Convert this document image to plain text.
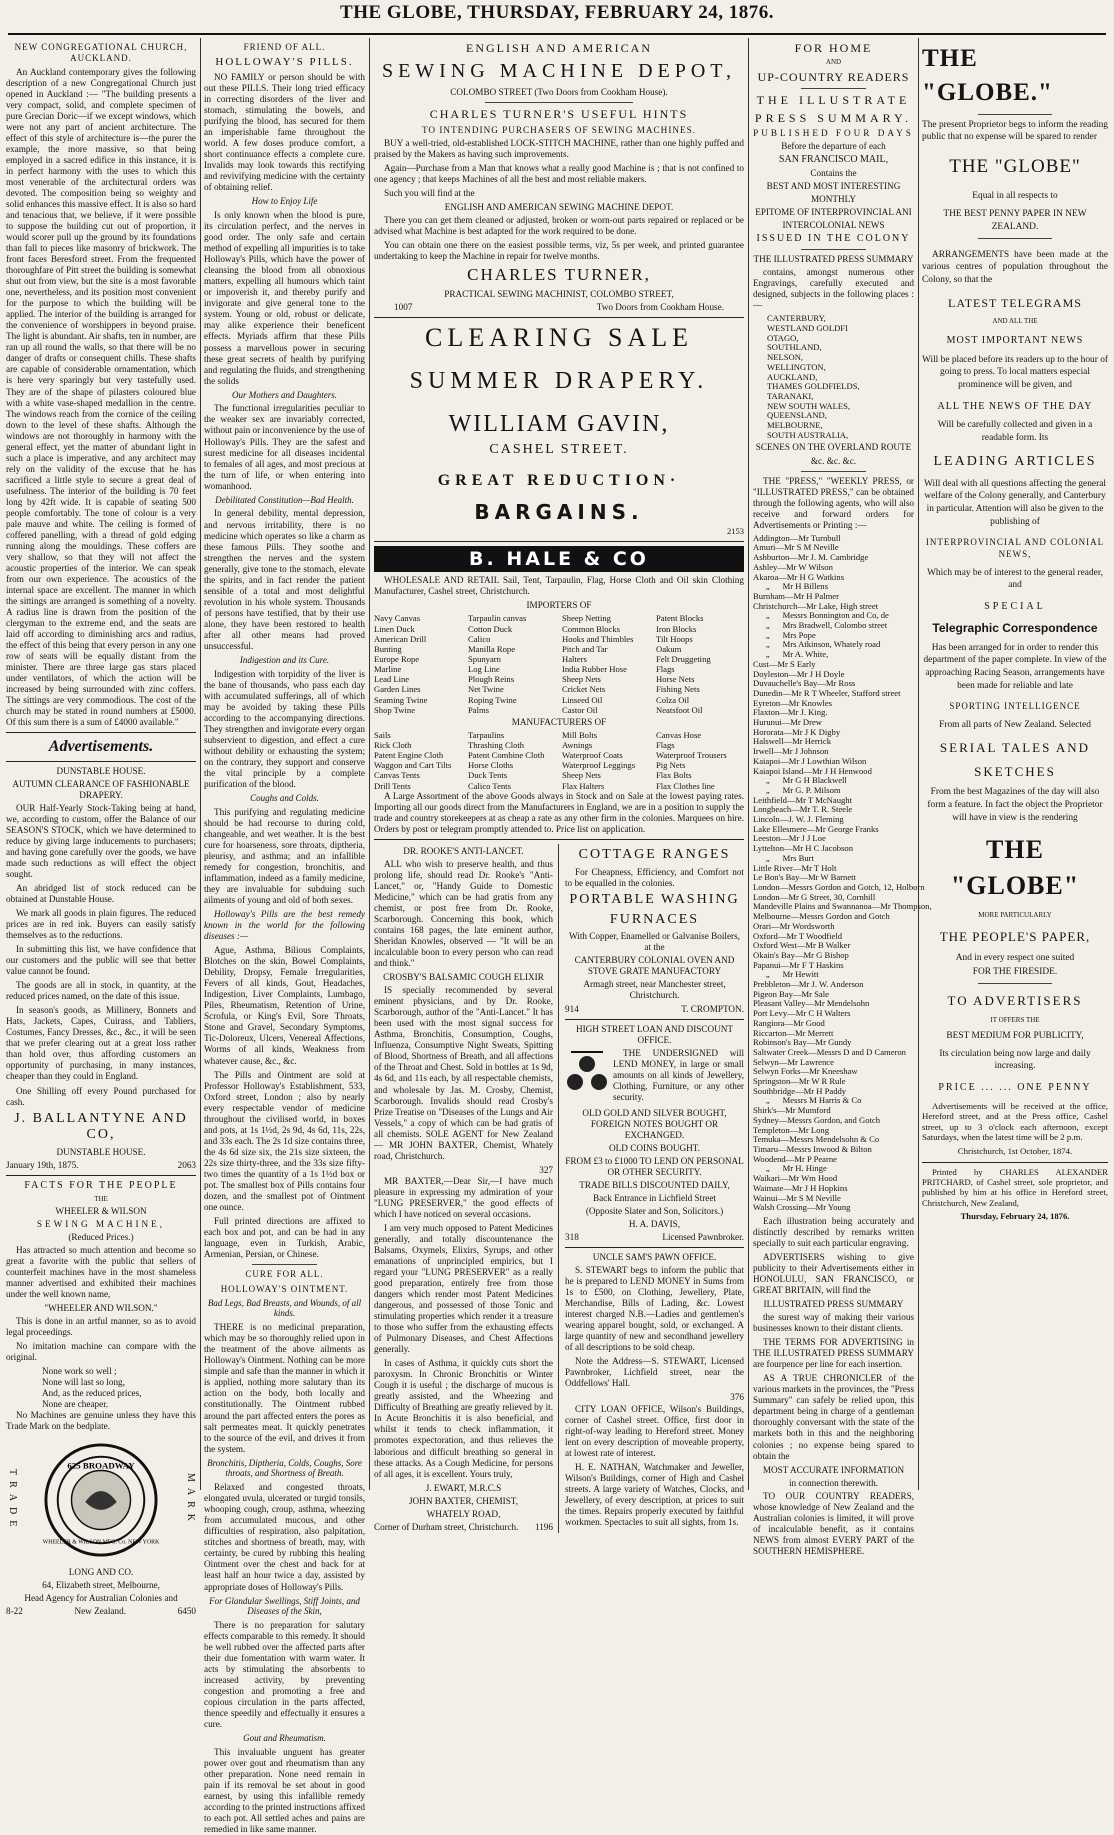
THE GLOBE, THURSDAY, FEBRUARY 24, 1876.
NEW CONGREGATIONAL CHURCH, AUCKLAND.

An Auckland contemporary gives the following description of a new Congregational Church just opened in Auckland :— "The building presents a very compact, solid, and complete specimen of pure Grecian Doric—if we except windows, which were not any part of ancient architecture. The effect of this style of architecture is—the purer the example, the more massive, so that being employed in a sacred edifice in this instance, it is in perfect harmony with the uses to which this most venerable of the architectural orders was devoted. The composition being so weighty and solid enhances this massive effect. It is also so hard and tenacious that, we believe, if it were possible to suppose the building cut out of proportion, it would scorer pull up the ground by its foundations than fall to pieces like masonry of brickwork. The front faces Beresford street. From the frequented thoroughfare of Pitt street the building is somewhat shut out from view, but the site is a most favorable one, nevertheless, and its position most convenient for the purpose to which the building will be applied. The interior of the building is arranged for the convenience of worshippers in beyond praise. The light is abundant. Air shafts, ten in number, are ran up all round the walls, so that there will be no danger of drafts or consequent chills. These shafts are capable of considerable ornamentation, which is here very sparingly but very tastefully used. They are of the shape of pilasters coloured blue with a white vase-shaped medallion in the centre. The windows reach from the cornice of the ceiling down to the level of these shafts. Although the windows are not thoroughly in harmony with the general effect, yet the matter of abundant light in such a place is imperative, and any architect may rely on the validity of the excuse that he has sacrificed a little style to secure a great deal of usefulness. The interior of the building is 70 feet long by 42ft wide. It is capable of seating 500 people comfortably. The tone of colour is a very pale mauve and white. The ceiling is formed of coffered panelling, with a thread of gold edging running along the mouldings. These coffers are very shallow, so that they will not affect the acoustic properties of the interior. We can speak from our own experience. The acoustics of the internal space are excellent. The manner in which the sittings are arranged is something of a novelty. A radius line is drawn from the position of the clergyman to the extreme end, and the seats are laid off according to diminishing arcs and radius, the effect of this being that every person in any one row of seats will be equally distant from the minister. There are three large gas stars placed under ventilators, of which the action will be increased by being surrounded with zinc coffers. The sittings are very commodious. The cost of the church may be stated in round numbers at £5000. Of this sum there is a sum of £4000 available."

Advertisements.
DUNSTABLE HOUSE.
AUTUMN CLEARANCE OF FASHIONABLE DRAPERY.

OUR Half-Yearly Stock-Taking being at hand, we, according to custom, offer the Balance of our SEASON'S STOCK, which we have determined to reduce by giving large inducements to purchasers; and having gone carefully over the goods, we have made such reductions as will effect the object sought.

An abridged list of stock reduced can be obtained at Dunstable House.

We mark all goods in plain figures. The reduced prices are in red ink. Buyers can easily satisfy themselves as to the reductions.

In submitting this list, we have confidence that our customers and the public will see that better value cannot be found.

The goods are all in stock, in quantity, at the reduced prices named, on the date of this issue.

In season's goods, as Millinery, Bonnets and Hats, Jackets, Capes, Cuirass, and Tabliers, Costumes, Fancy Dresses, &c., &c., it will be seen that we prefer clearing out at a great loss rather than hold over, thus affording customers an opportunity of purchasing, in many instances, cheaper than they could in England.

One Shilling off every Pound purchased for cash.

J. BALLANTYNE AND CO,
DUNSTABLE HOUSE.
January 19th, 1875.	2063
FACTS FOR THE PEOPLE
THE
WHEELER & WILSON
SEWING MACHINE,
(Reduced Prices.)

Has attracted so much attention and become so great a favorite with the public that sellers of counterfeit machines have in the most shameless manner advertised and exhibited their machines under the well known name,

"WHEELER AND WILSON."

This is done in an artful manner, so as to avoid legal proceedings.

No imitation machine can compare with the original.

None work so well ;
None will last so long,
And, as the reduced prices,
None are cheaper.

No Machines are genuine unless they have this Trade Mark on the bedplate.

TRADE
625 BROADWAY
WHEELER & WILSON MFG. Co. NEW YORK
MARK
LONG AND CO.
64, Elizabeth street, Melbourne,
Head Agency for Australian Colonies and
8-22	New Zealand.	6450
FRIEND OF ALL.
HOLLOWAY'S PILLS.

NO FAMILY or person should be with out these PILLS. Their long tried efficacy in correcting disorders of the liver and stomach, stimulating the bowels, and purifying the blood, has secured for them an imperishable fame throughout the world. A few doses produce comfort, a short continuance effects a complete cure. Invalids may look towards this rectifying and revivifying medicine with the certainty of obtaining relief.

How to Enjoy Life

Is only known when the blood is pure, its circulation perfect, and the nerves in good order. The only safe and certain method of expelling all impurities is to take Holloway's Pills, which have the power of cleansing the blood from all obnoxious matters, expelling all humours which taint or impoverish it, and thereby purify and invigorate and give general tone to the system. Young or old, robust or delicate, may alike experience their beneficent effects. Myriads affirm that these Pills possess a marvellous power in securing these great secrets of health by purifying and regulating the fluids, and strengthening the solids

Our Mothers and Daughters.

The functional irregularities peculiar to the weaker sex are invariably corrected, without pain or inconvenience by the use of Holloway's Pills. They are the safest and surest medicine for all diseases incidental to females of all ages, and most precious at the turn of life, or when entering into womanhood.

Debilitated Constitution—Bad Health.

In general debility, mental depression, and nervous irritability, there is no medicine which operates so like a charm as these famous Pills. They soothe and strengthen the nerves and the system generally, give tone to the stomach, elevate the spirits, and in fact render the patient sensible of a total and most delightful revolution in his whole system. Thousands of persons have testified, that by their use alone, they have been restored to health after all other means had proved unsuccessful.

Indigestion and its Cure.

Indigestion with torpidity of the liver is the bane of thousands, who pass each day with accumulated sufferings, all of which may be avoided by taking these Pills according to the accompanying directions. They strengthen and invigorate every organ subservient to digestion, and effect a cure without debility or exhausting the system; on the contrary, they support and conserve the vital principle by a complete purification of the blood.

Coughs and Colds.

This purifying and regulating medicine should be had recourse to during cold, changeable, and wet weather. It is the best cure for hoarseness, sore throats, diptheria, pleurisy, and asthma; and an infallible remedy for congestion, bronchitis, and inflammation, indeed as a family medicine, they are invaluable for subduing such ailments of young and old of both sexes.

Holloway's Pills are the best remedy known in the world for the following diseases :—

Ague, Asthma, Bilious Complaints, Blotches on the skin, Bowel Complaints, Debility, Dropsy, Female Irregularities, Fevers of all kinds, Gout, Headaches, Indigestion, Liver Complaints, Lumbago, Piles, Rheumatism, Retention of Urine, Scrofula, or King's Evil, Sore Throats, Stone and Gravel, Secondary Symptoms, Tic-Doloreux, Ulcers, Venereal Affections, Worms of all kinds, Weakness from whatever cause, &c., &c.

The Pills and Ointment are sold at Professor Holloway's Establishment, 533, Oxford street, London ; also by nearly every respectable vendor of medicine throughout the civilised world, in boxes and pots, at 1s 1½d, 2s 9d, 4s 6d, 11s, 22s, and 33s each. The 2s 1d size contains three, the 4s 6d size six, the 21s size sixteen, the 22s size thirty-three, and the 33s size fifty-two times the quantity of a 1s 1½d box or pot. The smallest box of Pills contains four dozen, and the smallest pot of Ointment one ounce.

Full printed directions are affixed to each box and pot, and can be had in any language, even in Turkish, Arabic, Armenian, Persian, or Chinese.

CURE FOR ALL.
HOLLOWAY'S OINTMENT.
Bad Legs, Bad Breasts, and Wounds, of all kinds.

THERE is no medicinal preparation, which may be so thoroughly relied upon in the treatment of the above ailments as Holloway's Ointment. Nothing can be more simple and safe than the manner in which it is applied, nothing more salutary than its action on the body, both locally and constitutionally. The Ointment rubbed around the part affected enters the pores as salt permeates meat. It quickly penetrates to the source of the evil, and drives it from the system.

Bronchitis, Diptheria, Colds, Coughs, Sore throats, and Shortness of Breath.

Relaxed and congested throats, elongated uvula, ulcerated or turgid tonsils, whooping cough, croup, asthma, wheezing from accumulated mucous, and other difficulties of respiration, also palpitation, stitches and shortness of breath, may, with certainty, be cured by rubbing this healing Ointment over the chest and back for at least half an hour twice a day, assisted by appropriate doses of Holloway's Pills.

For Glandular Swellings, Stiff Joints, and Diseases of the Skin,

There is no preparation for salutary effects comparable to this remedy. It should be well rubbed over the affected parts after their due fomentation with warm water. It acts by stimulating the absorbents to increased activity, by preventing congestion and promoting a free and copious circulation in the parts affected, thence speedily and effectually it ensures a cure.

Gout and Rheumatism.

This invaluable unguent has greater power over gout and rheumatism than any other preparation. None need remain in pain if its removal be set about in good earnest, by using this infallible remedy according to the printed instructions affixed to each pot. All settled aches and pains are remedied in like same manner.

ENGLISH AND AMERICAN
SEWING MACHINE DEPOT,
COLOMBO STREET (Two Doors from Cookham House).
CHARLES TURNER'S USEFUL HINTS
TO INTENDING PURCHASERS OF SEWING MACHINES.

BUY a well-tried, old-established LOCK-STITCH MACHINE, rather than one highly puffed and praised by the Makers as having such improvements.

Again—Purchase from a Man that knows what a really good Machine is ; that is not confined to one agency ; that keeps Machines of all the best and most reliable makers.

Such you will find at the

ENGLISH AND AMERICAN SEWING MACHINE DEPOT.

There you can get them cleaned or adjusted, broken or worn-out parts repaired or replaced or be advised what Machine is best adapted for the work required to be done.

You can obtain one there on the easiest possible terms, viz, 5s per week, and printed guarantee undertaking to keep the Machine in repair for twelve months.

CHARLES TURNER,
PRACTICAL SEWING MACHINIST, COLOMBO STREET,
1007	Two Doors from Cookham House.
CLEARING SALE
SUMMER DRAPERY.
WILLIAM GAVIN,
CASHEL STREET.
GREAT REDUCTION·
BARGAINS.
2153
B. HALE & CO

WHOLESALE AND RETAIL Sail, Tent, Tarpaulin, Flag, Horse Cloth and Oil skin Clothing Manufacturer, Cashel street, Christchurch.

IMPORTERS OF
Navy Canvas
Linen Duck
American Drill
Bunting
Europe Rope
Marline
Lead Line
Garden Lines
Seaming Twine
Shop Twine
Tarpaulin canvas
Cotton Duck
Calico
Manilla Rope
Spunyarn
Log Line
Plough Reins
Net Twine
Roping Twine
Palms
Sheep Netting
Common Blocks
Hooks and Thimbles
Pitch and Tar
Halters
India Rubber Hose
Sheep Nets
Cricket Nets
Linseed Oil
Castor Oil
Patent Blocks
Iron Blocks
Tilt Hoops
Oakum
Felt Druggeting
Flags
Horse Nets
Fishing Nets
Colza Oil
Neatsfoot Oil
MANUFACTURERS OF
Sails
Rick Cloth
Patent Engine Cloth
Waggon and Cart Tilts
Canvas Tents
Drill Tents
Tarpaulins
Thrashing Cloth
Patent Combine Cloth
Horse Cloths
Duck Tents
Calico Tents
Mill Bolts
Awnings
Waterproof Coats
Waterproof Leggings
Sheep Nets
Flax Halters
Canvas Hose
Flags
Waterproof Trousers
Pig Nets
Flax Bolts
Flax Clothes line

A Large Assortment of the above Goods always in Stock and on Sale at the lowest paying rates. Importing all our goods direct from the Manufacturers in England, we are in a position to supply the trade and country storekeepers at as cheap a rate as any other firm in the colonies. Marquees on hire. Orders by post or telegram promptly attended to. Price list on application.

DR. ROOKE'S ANTI-LANCET.

ALL who wish to preserve health, and thus prolong life, should read Dr. Rooke's "Anti-Lancet," or, "Handy Guide to Domestic Medicine," which can be had gratis from any chemist, or post free from Dr. Rooke, Scarborough. Concerning this book, which contains 168 pages, the late eminent author, Sheridan Knowles, observed — "It will be an incalculable boon to every person who can read and think."

CROSBY'S BALSAMIC COUGH ELIXIR

IS specially recommended by several eminent physicians, and by Dr. Rooke, Scarborough, author of the "Anti-Lancet." It has been used with the most signal success for Asthma, Bronchitis, Consumption, Coughs, Influenza, Consumptive Night Sweats, Spitting of Blood, Shortness of Breath, and all affections of the Throat and Chest. Sold in bottles at 1s 9d, 4s 6d, and 11s each, by all respectable chemists, and wholesale by Jas. M. Crosby, Chemist, Scarborough. Invalids should read Crosby's Prize Treatise on "Diseases of the Lungs and Air Vessels," a copy of which can be had gratis of all chemists. SOLE AGENT for New Zealand — MR JOHN BAXTER, Chemist, Whately road, Christchurch.

327

MR BAXTER,—Dear Sir,—I have much pleasure in expressing my admiration of your "LUNG PRESERVER," the good effects of which I have noticed on several occasions.

I am very much opposed to Patent Medicines generally, and totally discountenance the Balsams, Oxymels, Elixirs, Syrups, and other emanations of unprincipled empirics, but I regard your "LUNG PRESERVER" as a really good preparation, entirely free from those dangers which render most Patent Medicines dangerous, and possessed of those Tonic and stimulating properties which render it a treasure to those who suffer from the exhausting effects of Pulmonary Diseases, and Chest Affections generally.

In cases of Asthma, it quickly cuts short the paroxysm. In Chronic Bronchitis or Winter Cough it is useful ; the discharge of mucous is greatly assisted, and the Wheezing and Difficulty of Breathing are greatly relieved by it. In Acute Bronchitis it is also beneficial, and whilst it tends to check inflammation, it promotes expectoration, and thus relieves the laborious and difficult breathing so general in these attacks. As a Cough Medicine, for persons of all ages, it is excellent. Yours truly,

J. EWART, M.R.C.S
JOHN BAXTER, CHEMIST,
WHATELY ROAD,
Corner of Durham street, Christchurch. 1196
COTTAGE RANGES

For Cheapness, Efficiency, and Comfort not to be equalled in the colonies.

PORTABLE WASHING
FURNACES
With Copper, Enamelled or Galvanise Boilers, at the
CANTERBURY COLONIAL OVEN AND STOVE GRATE MANUFACTORY
Armagh street, near Manchester street, Christchurch.
914	T. CROMPTON.
HIGH STREET LOAN AND DISCOUNT OFFICE.

THE UNDERSIGNED will LEND MONEY, in large or small amounts on all kinds of Jewellery, Clothing, Furniture, or any other security.

OLD GOLD AND SILVER BOUGHT, FOREIGN NOTES BOUGHT OR EXCHANGED.
OLD COINS BOUGHT.
FROM £3 to £1000 TO LEND ON PERSONAL OR OTHER SECURITY.
TRADE BILLS DISCOUNTED DAILY,
Back Entrance in Lichfield Street
(Opposite Slater and Son, Solicitors.)
H. A. DAVIS,
318	Licensed Pawnbroker.
UNCLE SAM'S PAWN OFFICE.

S. STEWART begs to inform the public that he is prepared to LEND MONEY in Sums from 1s to £500, on Clothing, Jewellery, Plate, Merchandise, Bills of Lading, &c. Lowest interest charged N.B.—Ladies and gentlemen's wearing apparel bought, sold, or exchanged. A large quantity of new and secondhand jewellery of all descriptions to be sold cheap.

Note the Address—S. STEWART, Licensed Pawnbroker, Lichfield street, near the Oddfellows' Hall.

376

CITY LOAN OFFICE, Wilson's Buildings, corner of Cashel street. Office, first door in right-of-way leading to Hereford street. Money lent on every description of moveable property, at lowest rate of interest.

H. E. NATHAN, Watchmaker and Jeweller, Wilson's Buildings, corner of High and Cashel streets. A large variety of Watches, Clocks, and Jewellery, of every description, at prices to suit the times. Repairs properly executed by faithful workmen. Spectacles to suit all sights, from 1s.

FOR HOME
AND
UP-COUNTRY READERS
THE ILLUSTRATE
PRESS SUMMARY.
PUBLISHED FOUR DAYS
Before the departure of each
SAN FRANCISCO MAIL,
Contains the
BEST AND MOST INTERESTING
MONTHLY
EPITOME OF INTERPROVINCIAL ANI
INTERCOLONIAL NEWS
ISSUED IN THE COLONY
THE ILLUSTRATED PRESS SUMMARY

contains, amongst numerous other Engravings, carefully executed and designed, subjects in the following places :—

CANTERBURY,
WESTLAND GOLDFI
OTAGO,
SOUTHLAND,
NELSON,
WELLINGTON,
AUCKLAND,
THAMES GOLDFIELDS,
TARANAKI,
NEW SOUTH WALES,
QUEENSLAND,
MELBOURNE,
SOUTH AUSTRALIA,
SCENES ON THE OVERLAND ROUTE
&c. &c. &c.

THE "PRESS," "WEEKLY PRESS, or "ILLUSTRATED PRESS," can be obtained through the following agents, who will also receive and forward orders for Advertisements or Printing :—

Addington—Mr Turnbull
Amuri—Mr S M Neville
Ashburton—Mr J. M. Cambridge
Ashley—Mr W Wilson
Akaroa—Mr H G Watkins
„      Mr H Billens
Burnham—Mr H Palmer
Christchurch—Mr Lake, High street
„      Messrs Bonnington and Co, de
„      Mrs Bradwell, Colombo street
„      Mrs Pope
„      Mrs Atkinson, Whately road
„      Mr A. White,
Cust—Mr S Early
Doyleston—Mr J H Doyle
Duvauchelle's Bay—Mr Ross
Dunedin—Mr R T Wheeler, Stafford street
Eyreton—Mr Knowles
Flaxton—Mr J. King.
Hurunui—Mr Drew
Hororata—Mr J K Digby
Halswell—Mr Herrick
Irwell—Mr J Johnson
Kaiapoi—Mr J Lowthian Wilson
Kaiapoi Island—Mr J H Henwood
„      Mr G H Blackwell
„      Mr G. P. Milsom
Leithfield—Mr T McNaught
Longbeach—Mr T. R. Steele
Lincoln—J. W. J. Fleming
Lake Ellesmere—Mr George Franks
Leeston—Mr J J Loe
Lyttelton—Mr H C Jacobson
„      Mrs Burt
Little River—Mr T Holt
Le Bon's Bay—Mr W Barnett
London—Messrs Gordon and Gotch, 12, Holborn
London—Mr G Street, 30, Cornhill
Mandeville Plains and Swannanoa—Mr Thompson,
Melbourne—Messrs Gordon and Gotch
Orari—Mr Wordsworth
Oxford—Mr T Woodfield
Oxford West—Mr B Walker
Okain's Bay—Mr G Bishop
Papanui—Mr F T Haskins
„      Mr Hewitt
Prebbleton—Mr J. W. Anderson
Pigeon Bay—Mr Sale
Pleasant Valley—Mr Mendelsohn
Port Levy—Mr C H Walters
Rangiora—Mr Good
Riccarton—Mr Merrett
Robinson's Bay—Mr Gundy
Saltwater Creek—Messrs D and D Cameron
Selwyn—Mr Lawrence
Selwyn Forks—Mr Kneeshaw
Springston—Mr W R Rule
Southbridge—Mr H Paddy
„      Messrs M Harris & Co
Shirk's—Mr Mumford
Sydney—Messrs Gordon, and Gotch
Templeton—Mr Long
Temuka—Messrs Mendelsohn & Co
Timaru—Messrs Inwood & Bilton
Woodend—Mr P Pearne
„      Mr H. Hinge
Waikari—Mr Wm Hood
Waimate—Mr J H Hopkins
Wainui—Mr S M Neville
Walsh Crossing—Mr Young

Each illustration being accurately and distinctly described by remarks written specially to suit each particular engraving.

ADVERTISERS wishing to give publicity to their Advertisements either in HONOLULU, SAN FRANCISCO, or GREAT BRITAIN, will find the

ILLUSTRATED PRESS SUMMARY

the surest way of making their various businesses known to their distant clients.

THE TERMS FOR ADVERTISING in THE ILLUSTRATED PRESS SUMMARY are fourpence per line for each insertion.

AS A TRUE CHRONICLER of the various markets in the provinces, the "Press Summary" can safely be relied upon, this department being in charge of a gentleman thoroughly conversant with the state of the markets both in this and the neighboring colonies ; no expense being spared to obtain the

MOST ACCURATE INFORMATION
in connection therewith.

TO OUR COUNTRY READERS, whose knowledge of New Zealand and the Australian colonies is limited, it will prove of incalculable benefit, as it contains NEWS from almost EVERY PART of the SOUTHERN HEMISPHERE.

THE "GLOBE."

The present Proprietor begs to inform the reading public that no expense will be spared to render

THE "GLOBE"
Equal in all respects to
THE BEST PENNY PAPER IN NEW ZEALAND.

ARRANGEMENTS have been made at the various centres of population throughout the Colony, so that the

LATEST TELEGRAMS
AND ALL THE
MOST IMPORTANT NEWS
Will be placed before its readers up to the hour of going to press. To local matters especial prominence will be given, and
ALL THE NEWS OF THE DAY
Will be carefully collected and given in a readable form. Its
LEADING ARTICLES
Will deal with all questions affecting the general welfare of the Colony generally, and Canterbury in particular. Attention will also be given to the publishing of
INTERPROVINCIAL AND COLONIAL NEWS,
Which may be of interest to the general reader, and
SPECIAL
Telegraphic Correspondence
Has been arranged for in order to render this department of the paper complete. In view of the approaching Racing Season, arrangements have been made for reliable and late
SPORTING INTELLIGENCE
From all parts of New Zealand. Selected
SERIAL TALES AND
SKETCHES
From the best Magazines of the day will also form a feature. In fact the object the Proprietor will have in view is the rendering
THE "GLOBE"
MORE PARTICULARLY
THE PEOPLE'S PAPER,
And in every respect one suited
FOR THE FIRESIDE.
TO ADVERTISERS
IT OFFERS THE
BEST MEDIUM FOR PUBLICITY,
Its circulation being now large and daily increasing.
PRICE ... ... ONE PENNY

Advertisements will be received at the office, Hereford street, and at the Press office, Cashel street, up to 3 o'clock each afternoon, except Saturdays, when the latest time will be 2 p.m.

Christchurch, 1st October, 1874.

Printed by CHARLES ALEXANDER PRITCHARD, of Cashel street, sole proprietor, and published by him at his office in Hereford street, Christchurch, New Zealand,

Thursday, February 24, 1876.
